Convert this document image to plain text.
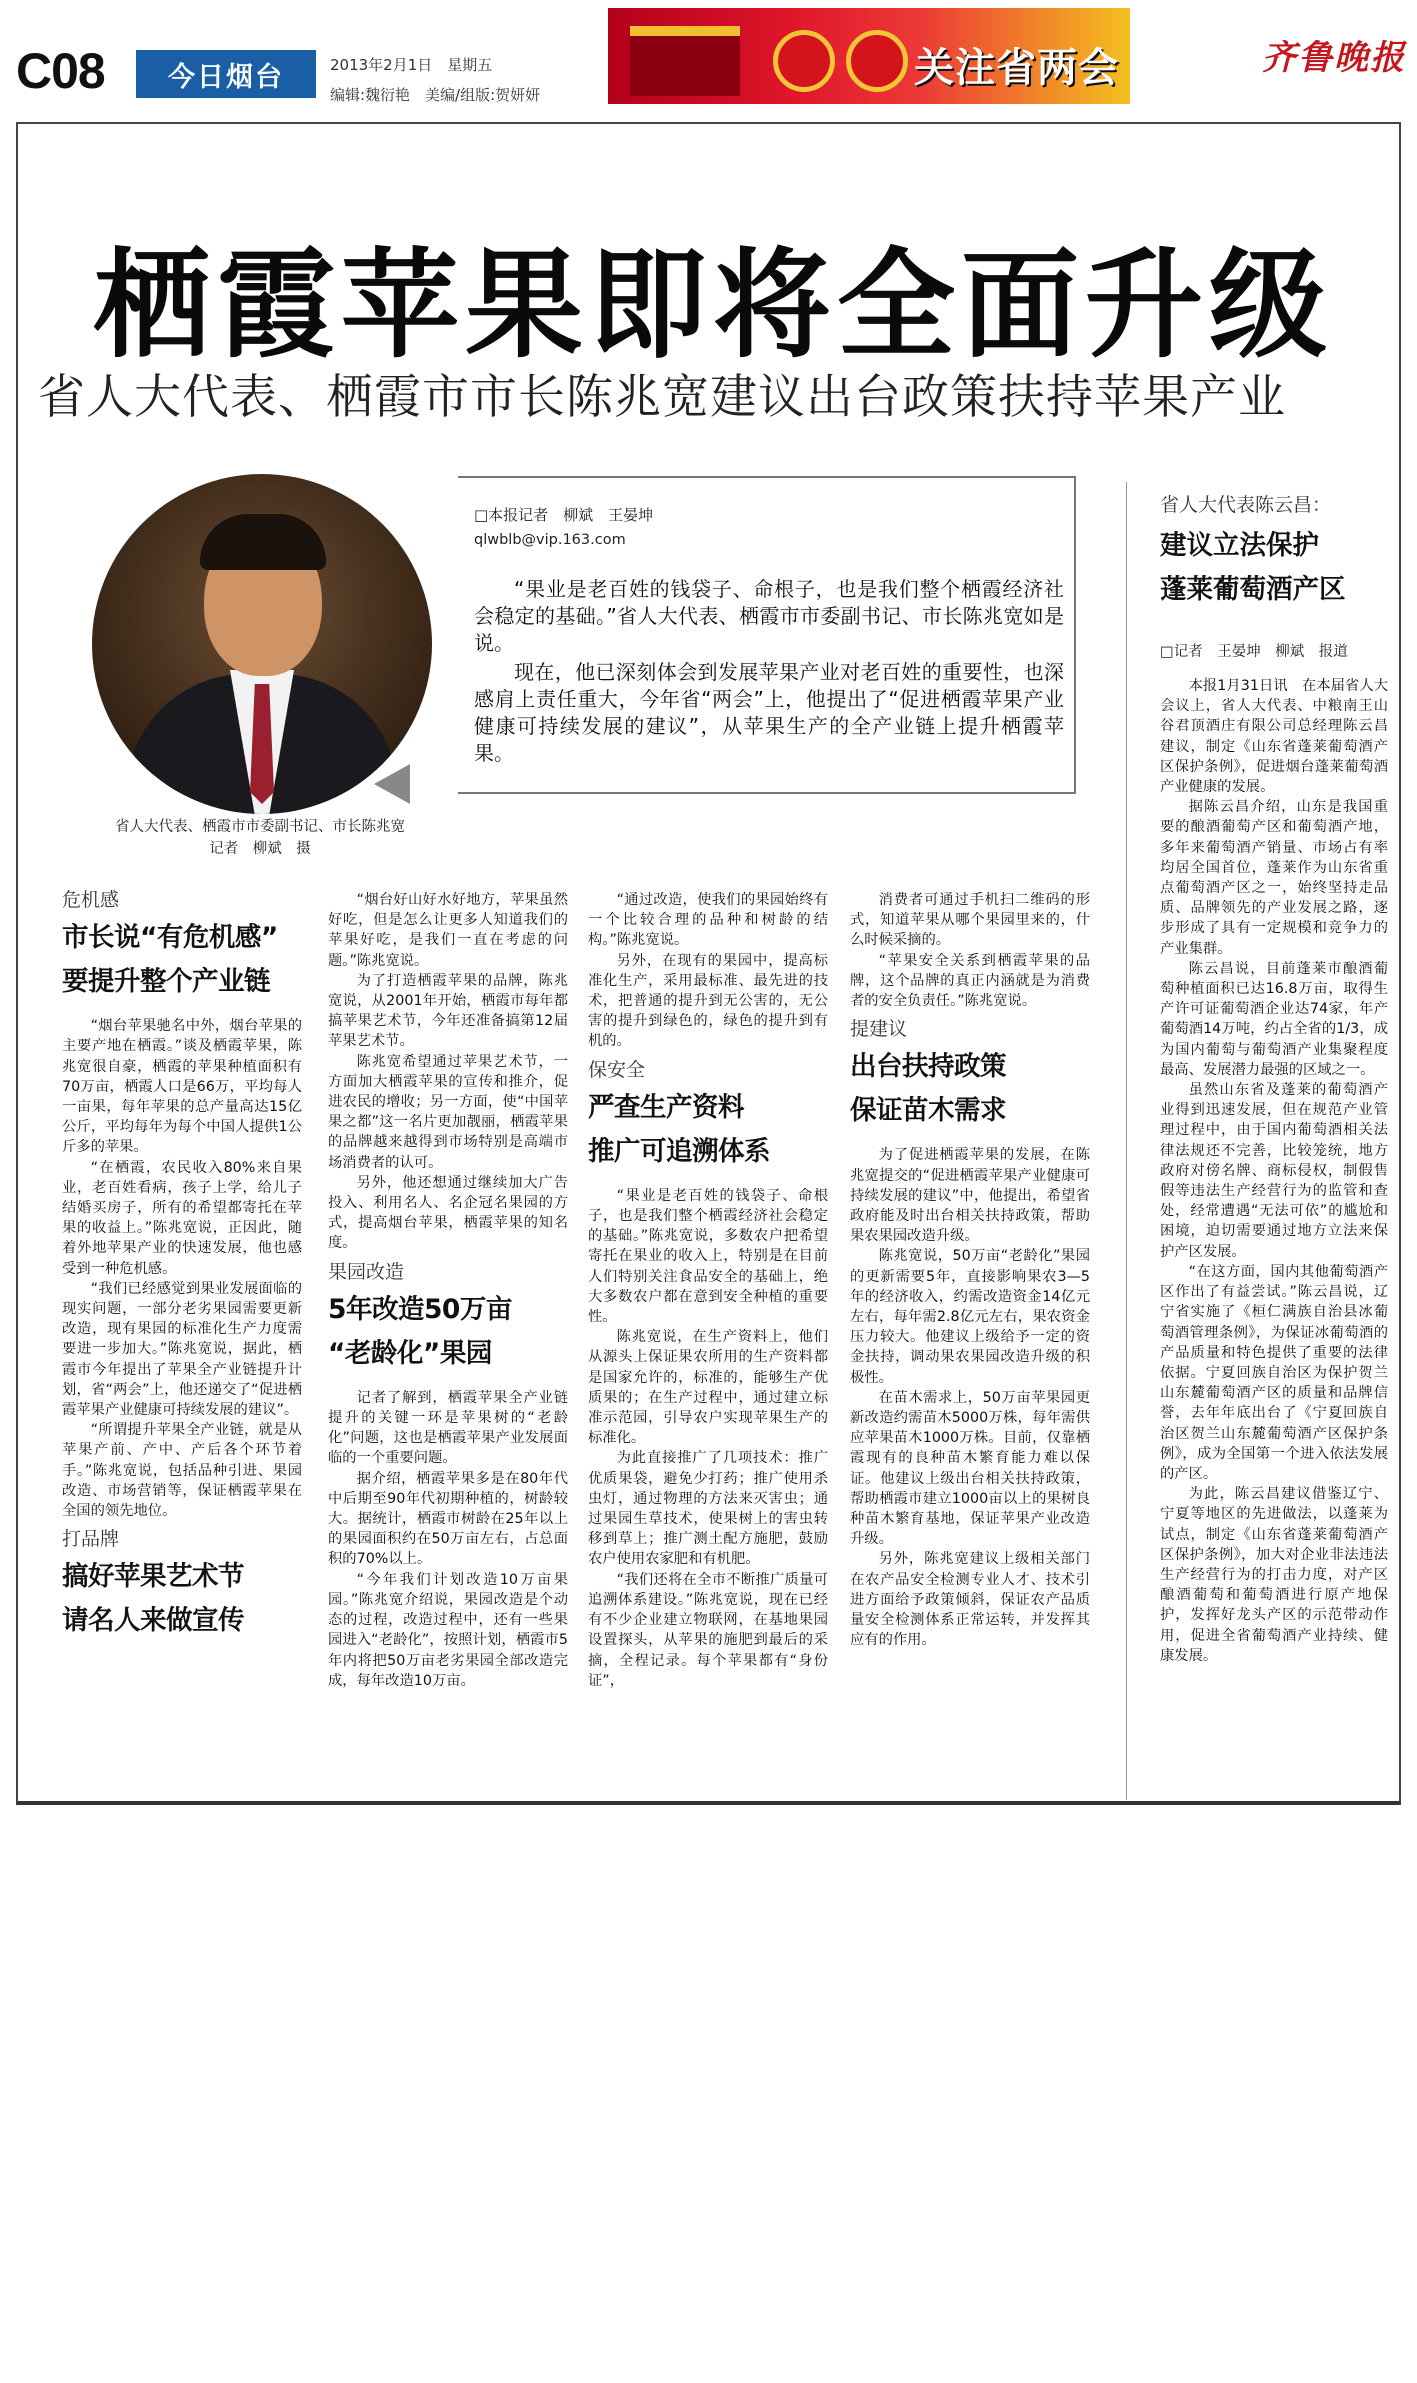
C08	今日烟台	2013年2月1日　星期五
编辑:魏衍艳　美编/组版:贺妍妍
关注省两会	齐鲁晚报
栖霞苹果即将全面升级
省人大代表、栖霞市市长陈兆宽建议出台政策扶持苹果产业
省人大代表、栖霞市市委副书记、市长陈兆宽
记者　柳斌　摄
□本报记者　柳斌　王晏坤
qlwblb@vip.163.com

“果业是老百姓的钱袋子、命根子，也是我们整个栖霞经济社会稳定的基础。”省人大代表、栖霞市市委副书记、市长陈兆宽如是说。

现在，他已深刻体会到发展苹果产业对老百姓的重要性，也深感肩上责任重大，今年省“两会”上，他提出了“促进栖霞苹果产业健康可持续发展的建议”，从苹果生产的全产业链上提升栖霞苹果。

省人大代表陈云昌：
建议立法保护
蓬莱葡萄酒产区
□记者　王晏坤　柳斌　报道

本报1月31日讯　在本届省人大会议上，省人大代表、中粮南王山谷君顶酒庄有限公司总经理陈云昌建议，制定《山东省蓬莱葡萄酒产区保护条例》，促进烟台蓬莱葡萄酒产业健康的发展。

据陈云昌介绍，山东是我国重要的酿酒葡萄产区和葡萄酒产地，多年来葡萄酒产销量、市场占有率均居全国首位，蓬莱作为山东省重点葡萄酒产区之一，始终坚持走品质、品牌领先的产业发展之路，逐步形成了具有一定规模和竞争力的产业集群。

陈云昌说，目前蓬莱市酿酒葡萄种植面积已达16.8万亩，取得生产许可证葡萄酒企业达74家，年产葡萄酒14万吨，约占全省的1/3，成为国内葡萄与葡萄酒产业集聚程度最高、发展潜力最强的区域之一。

虽然山东省及蓬莱的葡萄酒产业得到迅速发展，但在规范产业管理过程中，由于国内葡萄酒相关法律法规还不完善，比较笼统，地方政府对傍名牌、商标侵权，制假售假等违法生产经营行为的监管和查处，经常遭遇“无法可依”的尴尬和困境，迫切需要通过地方立法来保护产区发展。

“在这方面，国内其他葡萄酒产区作出了有益尝试。”陈云昌说，辽宁省实施了《桓仁满族自治县冰葡萄酒管理条例》，为保证冰葡萄酒的产品质量和特色提供了重要的法律依据。宁夏回族自治区为保护贺兰山东麓葡萄酒产区的质量和品牌信誉，去年年底出台了《宁夏回族自治区贺兰山东麓葡萄酒产区保护条例》，成为全国第一个进入依法发展的产区。

为此，陈云昌建议借鉴辽宁、宁夏等地区的先进做法，以蓬莱为试点，制定《山东省蓬莱葡萄酒产区保护条例》，加大对企业非法违法生产经营行为的打击力度，对产区酿酒葡萄和葡萄酒进行原产地保护，发挥好龙头产区的示范带动作用，促进全省葡萄酒产业持续、健康发展。

危机感
市长说“有危机感”
要提升整个产业链

“烟台苹果驰名中外，烟台苹果的主要产地在栖霞。”谈及栖霞苹果，陈兆宽很自豪，栖霞的苹果种植面积有70万亩，栖霞人口是66万，平均每人一亩果，每年苹果的总产量高达15亿公斤，平均每年为每个中国人提供1公斤多的苹果。

“在栖霞，农民收入80%来自果业，老百姓看病，孩子上学，给儿子结婚买房子，所有的希望都寄托在苹果的收益上。”陈兆宽说，正因此，随着外地苹果产业的快速发展，他也感受到一种危机感。

“我们已经感觉到果业发展面临的现实问题，一部分老劣果园需要更新改造，现有果园的标准化生产力度需要进一步加大。”陈兆宽说，据此，栖霞市今年提出了苹果全产业链提升计划，省“两会”上，他还递交了“促进栖霞苹果产业健康可持续发展的建议”。

“所谓提升苹果全产业链，就是从苹果产前、产中、产后各个环节着手。”陈兆宽说，包括品种引进、果园改造、市场营销等，保证栖霞苹果在全国的领先地位。

打品牌
搞好苹果艺术节
请名人来做宣传

“烟台好山好水好地方，苹果虽然好吃，但是怎么让更多人知道我们的苹果好吃，是我们一直在考虑的问题。”陈兆宽说。

为了打造栖霞苹果的品牌，陈兆宽说，从2001年开始，栖霞市每年都搞苹果艺术节，今年还准备搞第12届苹果艺术节。

陈兆宽希望通过苹果艺术节，一方面加大栖霞苹果的宣传和推介，促进农民的增收；另一方面，使“中国苹果之都”这一名片更加靓丽，栖霞苹果的品牌越来越得到市场特别是高端市场消费者的认可。

另外，他还想通过继续加大广告投入、利用名人、名企冠名果园的方式，提高烟台苹果，栖霞苹果的知名度。

果园改造
5年改造50万亩
“老龄化”果园

记者了解到，栖霞苹果全产业链提升的关键一环是苹果树的“老龄化”问题，这也是栖霞苹果产业发展面临的一个重要问题。

据介绍，栖霞苹果多是在80年代中后期至90年代初期种植的，树龄较大。据统计，栖霞市树龄在25年以上的果园面积约在50万亩左右，占总面积的70%以上。

“今年我们计划改造10万亩果园。”陈兆宽介绍说，果园改造是个动态的过程，改造过程中，还有一些果园进入“老龄化”，按照计划，栖霞市5年内将把50万亩老劣果园全部改造完成，每年改造10万亩。

“通过改造，使我们的果园始终有一个比较合理的品种和树龄的结构。”陈兆宽说。

另外，在现有的果园中，提高标准化生产，采用最标准、最先进的技术，把普通的提升到无公害的，无公害的提升到绿色的，绿色的提升到有机的。

保安全
严查生产资料
推广可追溯体系

“果业是老百姓的钱袋子、命根子，也是我们整个栖霞经济社会稳定的基础。”陈兆宽说，多数农户把希望寄托在果业的收入上，特别是在目前人们特别关注食品安全的基础上，绝大多数农户都在意到安全种植的重要性。

陈兆宽说，在生产资料上，他们从源头上保证果农所用的生产资料都是国家允许的，标准的，能够生产优质果的；在生产过程中，通过建立标准示范园，引导农户实现苹果生产的标准化。

为此直接推广了几项技术：推广优质果袋，避免少打药；推广使用杀虫灯，通过物理的方法来灭害虫；通过果园生草技术，使果树上的害虫转移到草上；推广测土配方施肥，鼓励农户使用农家肥和有机肥。

“我们还将在全市不断推广质量可追溯体系建设。”陈兆宽说，现在已经有不少企业建立物联网，在基地果园设置探头，从苹果的施肥到最后的采摘，全程记录。每个苹果都有“身份证”，

消费者可通过手机扫二维码的形式，知道苹果从哪个果园里来的，什么时候采摘的。

“苹果安全关系到栖霞苹果的品牌，这个品牌的真正内涵就是为消费者的安全负责任。”陈兆宽说。

提建议
出台扶持政策
保证苗木需求

为了促进栖霞苹果的发展，在陈兆宽提交的“促进栖霞苹果产业健康可持续发展的建议”中，他提出，希望省政府能及时出台相关扶持政策，帮助果农果园改造升级。

陈兆宽说，50万亩“老龄化”果园的更新需要5年，直接影响果农3—5年的经济收入，约需改造资金14亿元左右，每年需2.8亿元左右，果农资金压力较大。他建议上级给予一定的资金扶持，调动果农果园改造升级的积极性。

在苗木需求上，50万亩苹果园更新改造约需苗木5000万株，每年需供应苹果苗木1000万株。目前，仅靠栖霞现有的良种苗木繁育能力难以保证。他建议上级出台相关扶持政策，帮助栖霞市建立1000亩以上的果树良种苗木繁育基地，保证苹果产业改造升级。

另外，陈兆宽建议上级相关部门在农产品安全检测专业人才、技术引进方面给予政策倾斜，保证农产品质量安全检测体系正常运转，并发挥其应有的作用。
